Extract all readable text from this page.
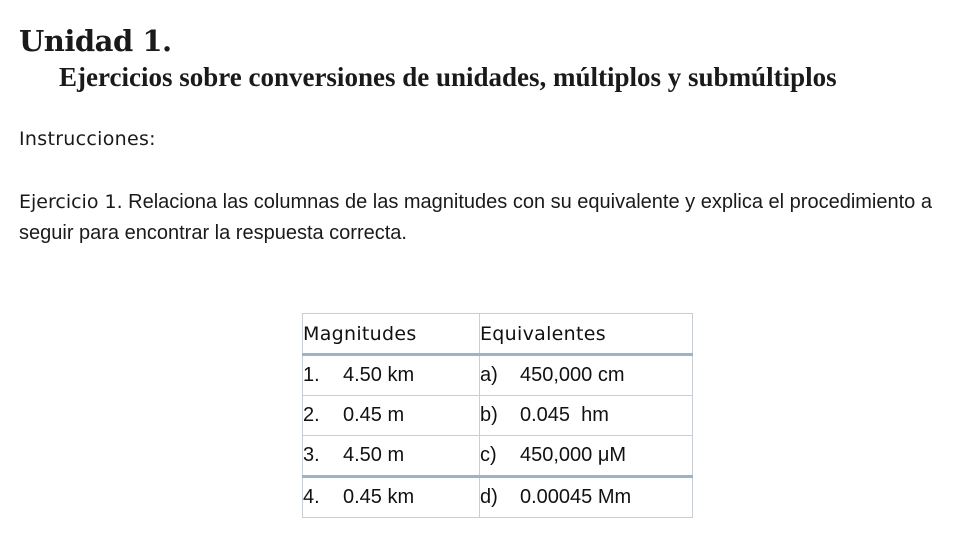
Unidad 1.
Ejercicios sobre conversiones de unidades, múltiplos y submúltiplos
Instrucciones:
Ejercicio 1. Relaciona las columnas de las magnitudes con su equivalente y explica el procedimiento a seguir para encontrar la respuesta correcta.
Magnitudes	Equivalentes
1. 4.50 km	a) 450,000 cm
2. 0.45 m	b) 0.045  hm
3. 4.50 m	c) 450,000 μM
4. 0.45 km	d) 0.00045 Mm
